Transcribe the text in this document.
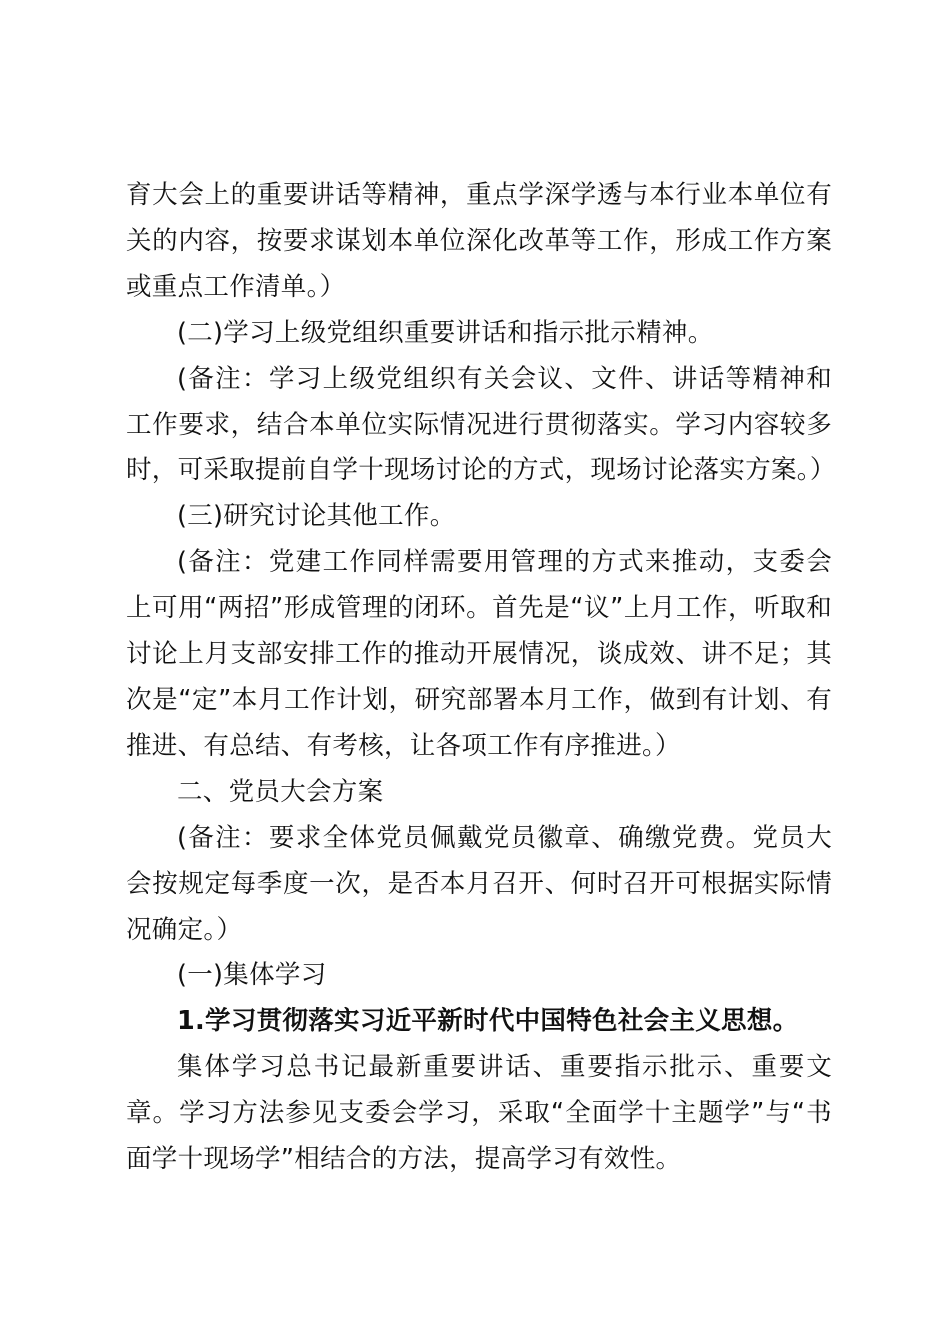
育大会上的重要讲话等精神，重点学深学透与本行业本单位有关的内容，按要求谋划本单位深化改革等工作，形成工作方案或重点工作清单。）

(二)学习上级党组织重要讲话和指示批示精神。

(备注：学习上级党组织有关会议、文件、讲话等精神和工作要求，结合本单位实际情况进行贯彻落实。学习内容较多时，可采取提前自学十现场讨论的方式，现场讨论落实方案。）

(三)研究讨论其他工作。

(备注：党建工作同样需要用管理的方式来推动，支委会上可用“两招”形成管理的闭环。首先是“议”上月工作，听取和讨论上月支部安排工作的推动开展情况，谈成效、讲不足；其次是“定”本月工作计划，研究部署本月工作，做到有计划、有推进、有总结、有考核，让各项工作有序推进。）

二、党员大会方案

(备注：要求全体党员佩戴党员徽章、确缴党费。党员大会按规定每季度一次，是否本月召开、何时召开可根据实际情况确定。）

(一)集体学习

1.学习贯彻落实习近平新时代中国特色社会主义思想。

集体学习总书记最新重要讲话、重要指示批示、重要文章。学习方法参见支委会学习，采取“全面学十主题学”与“书面学十现场学”相结合的方法，提高学习有效性。
